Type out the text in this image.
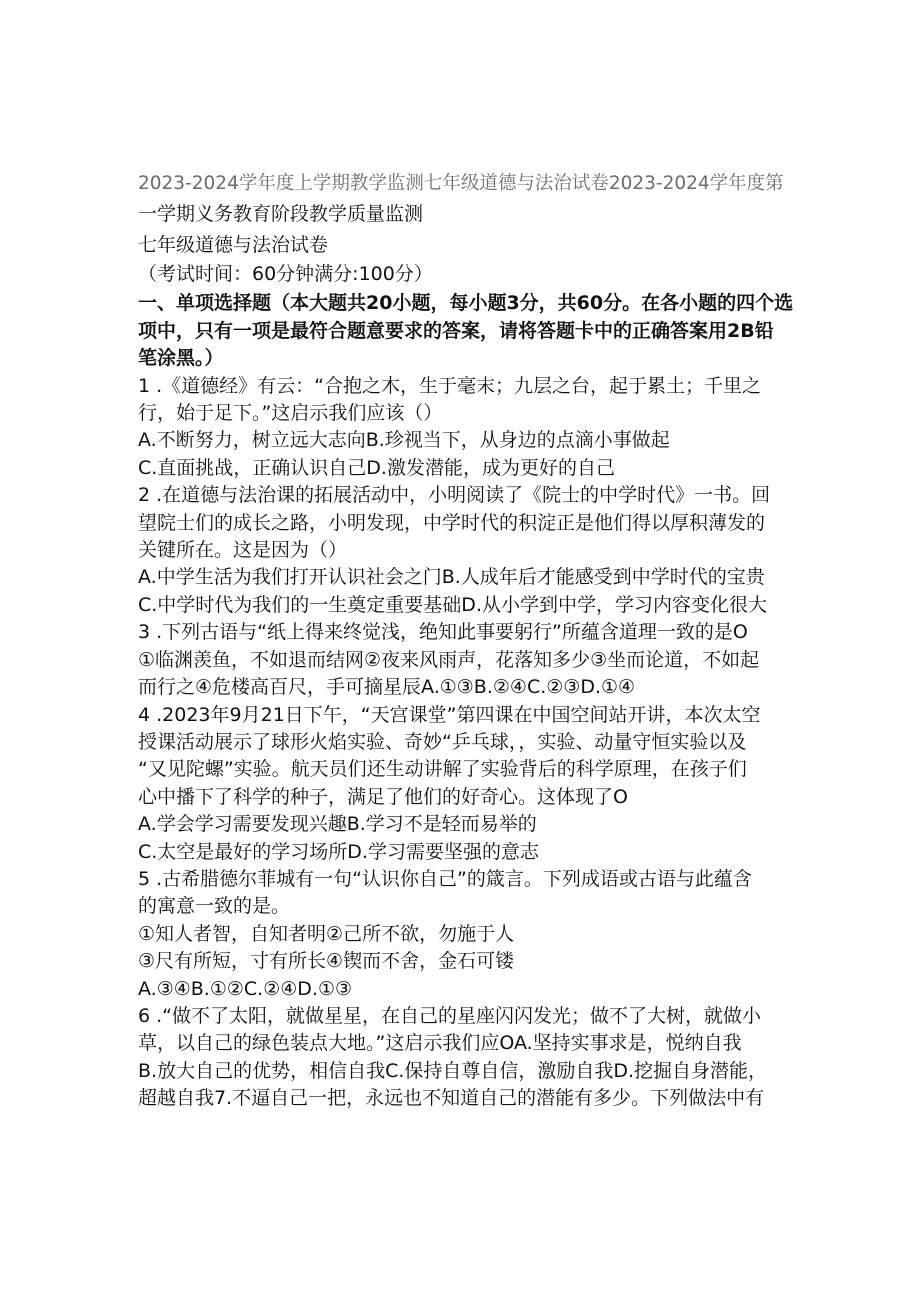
2023-2024学年度上学期教学监测七年级道德与法治试卷2023-2024学年度第
一学期义务教育阶段教学质量监测
七年级道德与法治试卷
（考试时间：60分钟满分:100分）
一、单项选择题（本大题共20小题，每小题3分，共60分。在各小题的四个选
项中，只有一项是最符合题意要求的答案，请将答题卡中的正确答案用2B铅
笔涂黑。）
1 .《道德经》有云：“合抱之木，生于毫末；九层之台，起于累土；千里之
行，始于足下。”这启示我们应该（）
A.不断努力，树立远大志向B.珍视当下，从身边的点滴小事做起
C.直面挑战，正确认识自己D.激发潜能，成为更好的自己
2 .在道德与法治课的拓展活动中，小明阅读了《院士的中学时代》一书。回
望院士们的成长之路，小明发现，中学时代的积淀正是他们得以厚积薄发的
关键所在。这是因为（）
A.中学生活为我们打开认识社会之门B.人成年后才能感受到中学时代的宝贵
C.中学时代为我们的一生奠定重要基础D.从小学到中学，学习内容变化很大
3 .下列古语与“纸上得来终觉浅，绝知此事要躬行”所蕴含道理一致的是O
①临渊羡鱼，不如退而结网②夜来风雨声，花落知多少③坐而论道，不如起
而行之④危楼高百尺，手可摘星辰A.①③B.②④C.②③D.①④
4 .2023年9月21日下午，“天宫课堂”第四课在中国空间站开讲，本次太空
授课活动展示了球形火焰实验、奇妙“乒乓球，，实验、动量守恒实验以及
“又见陀螺”实验。航天员们还生动讲解了实验背后的科学原理，在孩子们
心中播下了科学的种子，满足了他们的好奇心。这体现了O
A.学会学习需要发现兴趣B.学习不是轻而易举的
C.太空是最好的学习场所D.学习需要坚强的意志
5 .古希腊德尔菲城有一句“认识你自己”的箴言。下列成语或古语与此蕴含
的寓意一致的是。
①知人者智，自知者明②己所不欲，勿施于人
③尺有所短，寸有所长④锲而不舍，金石可镂
A.③④B.①②C.②④D.①③
6 .“做不了太阳，就做星星，在自己的星座闪闪发光；做不了大树，就做小
草，以自己的绿色装点大地。”这启示我们应OA.坚持实事求是，悦纳自我
B.放大自己的优势，相信自我C.保持自尊自信，激励自我D.挖掘自身潜能，
超越自我7.不逼自己一把，永远也不知道自己的潜能有多少。下列做法中有
